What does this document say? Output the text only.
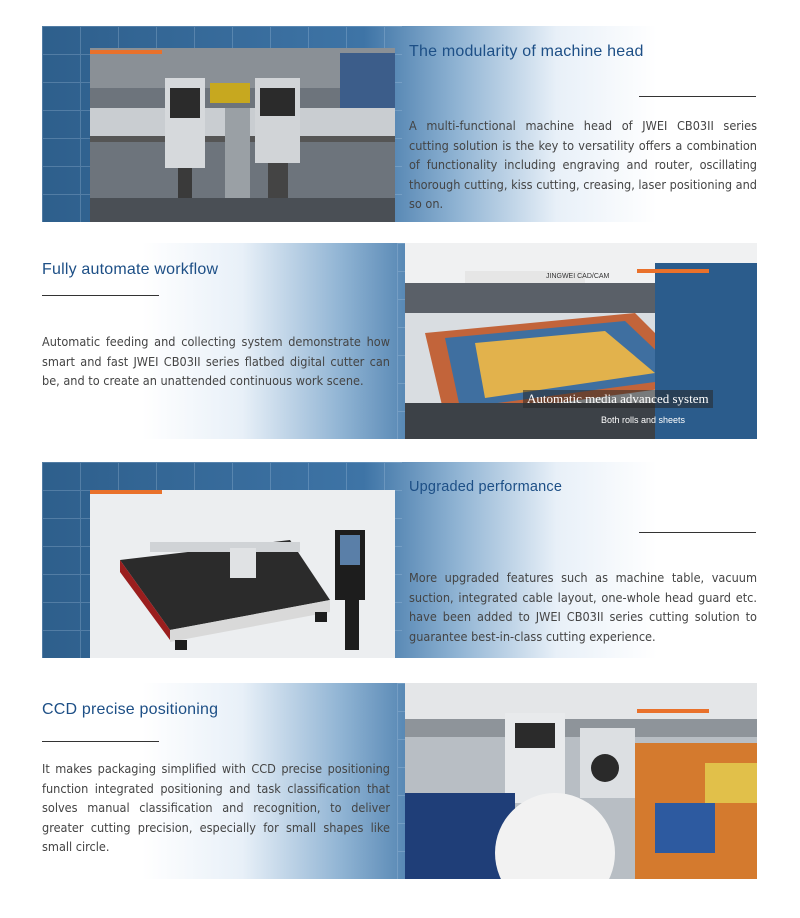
The modularity of machine head
A multi-functional machine head of JWEI CB03II series cutting solution is the key to versatility offers a combination of functionality including engraving and router, oscillating thorough cutting, kiss cutting, creasing, laser positioning and so on.
Fully automate workflow
Automatic feeding and collecting system demonstrate how smart and fast JWEI CB03II series flatbed digital cutter can be, and to create an unattended continuous work scene.
JINGWEI CAD/CAM
Automatic media advanced system
Both rolls and sheets
Upgraded performance
More upgraded features such as machine table, vacuum suction, integrated cable layout, one-whole head guard etc. have been added to JWEI CB03II series cutting solution to guarantee best-in-class cutting experience.
CCD precise positioning
It makes packaging simplified with CCD precise positioning function integrated positioning and task classification that solves manual classification and recognition, to deliver greater cutting precision, especially for small shapes like small circle.
